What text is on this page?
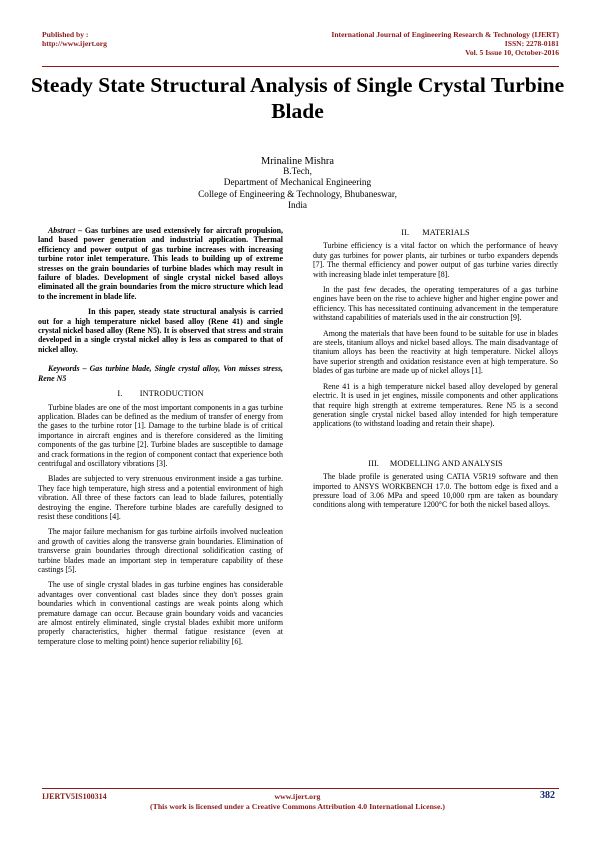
Published by :
http://www.ijert.org
International Journal of Engineering Research & Technology (IJERT)
ISSN: 2278-0181
Vol. 5 Issue 10, October-2016
Steady State Structural Analysis of Single Crystal Turbine Blade
Mrinaline Mishra
B.Tech,
Department of Mechanical Engineering
College of Engineering & Technology, Bhubaneswar,
India

Abstract – Gas turbines are used extensively for aircraft propulsion, land based power generation and industrial application. Thermal efficiency and power output of gas turbine increases with increasing turbine rotor inlet temperature. This leads to building up of extreme stresses on the grain boundaries of turbine blades which may result in failure of blades. Development of single crystal nickel based alloys eliminated all the grain boundaries from the micro structure which lead to the increment in blade life.

In this paper, steady state structural analysis is carried out for a high temperature nickel based alloy (Rene 41) and single crystal nickel based alloy (Rene N5). It is observed that stress and strain developed in a single crystal nickel alloy is less as compared to that of nickel alloy.

Keywords – Gas turbine blade, Single crystal alloy, Von misses stress, Rene N5

I.        INTRODUCTION

Turbine blades are one of the most important components in a gas turbine application. Blades can be defined as the medium of transfer of energy from the gases to the turbine rotor [1]. Damage to the turbine blade is of critical importance in aircraft engines and is therefore considered as the limiting components of the gas turbine [2]. Turbine blades are susceptible to damage and crack formations in the region of component contact that experience both centrifugal and oscillatory vibrations [3].

Blades are subjected to very strenuous environment inside a gas turbine. They face high temperature, high stress and a potential environment of high vibration. All three of these factors can lead to blade failures, potentially destroying the engine. Therefore turbine blades are carefully designed to resist these conditions [4].

The major failure mechanism for gas turbine airfoils involved nucleation and growth of cavities along the transverse grain boundaries. Elimination of transverse grain boundaries through directional solidification casting of turbine blades made an important step in temperature capability of these castings [5].

The use of single crystal blades in gas turbine engines has considerable advantages over conventional cast blades since they don't posses grain boundaries which in conventional castings are weak points along which premature damage can occur. Because grain boundary voids and vacancies are almost entirely eliminated, single crystal blades exhibit more uniform properly characteristics, higher thermal fatigue resistance (even at temperature close to melting point) hence superior reliability [6].

II.      MATERIALS

Turbine efficiency is a vital factor on which the performance of heavy duty gas turbines for power plants, air turbines or turbo expanders depends [7]. The thermal efficiency and power output of gas turbine varies directly with increasing blade inlet temperature [8].

In the past few decades, the operating temperatures of a gas turbine engines have been on the rise to achieve higher and higher engine power and efficiency. This has necessitated continuing advancement in the temperature withstand capabilities of materials used in the air construction [9].

Among the materials that have been found to be suitable for use in blades are steels, titanium alloys and nickel based alloys. The main disadvantage of titanium alloys has been the reactivity at high temperature. Nickel alloys have superior strength and oxidation resistance even at high temperature. So blades of gas turbine are made up of nickel alloys [1].

Rene 41 is a high temperature nickel based alloy developed by general electric. It is used in jet engines, missile components and other applications that require high strength at extreme temperatures. Rene N5 is a second generation single crystal nickel based alloy intended for high temperature applications (to withstand loading and retain their shape).

III.     MODELLING AND ANALYSIS

The blade profile is generated using CATIA V5R19 software and then imported to ANSYS WORKBENCH 17.0. The bottom edge is fixed and a pressure load of 3.06 MPa and speed 10,000 rpm are taken as boundary conditions along with temperature 1200°C for both the nickel based alloys.

IJERTV5IS100314	www.ijert.org
(This work is licensed under a Creative Commons Attribution 4.0 International License.)
382
